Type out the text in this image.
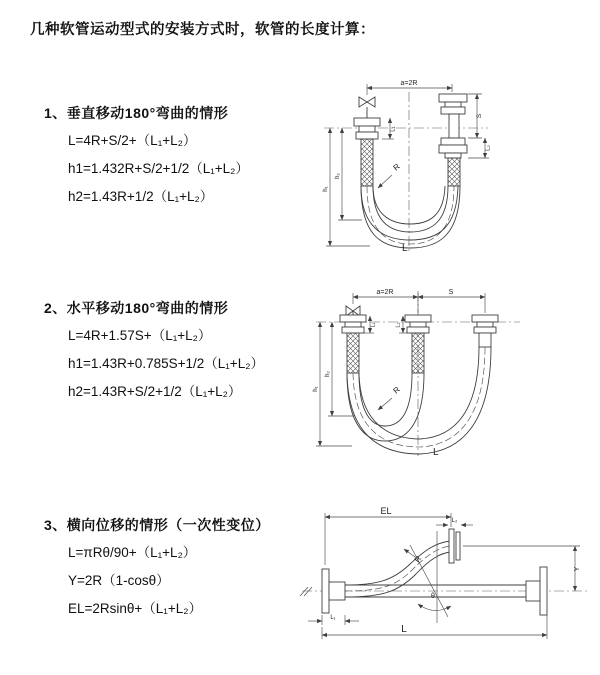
几种软管运动型式的安装方式时，软管的长度计算：
1、垂直移动180°弯曲的情形
L=4R+S/2+（L₁+L₂）
h1=1.432R+S/2+1/2（L₁+L₂）
h2=1.43R+1/2（L₁+L₂）
2、水平移动180°弯曲的情形
L=4R+1.57S+（L₁+L₂）
h1=1.43R+0.785S+1/2（L₁+L₂）
h2=1.43R+S/2+1/2（L₁+L₂）
3、横向位移的情形（一次性变位）
L=πRθ/90+（L₁+L₂）
Y=2R（1-cosθ）
EL=2Rsinθ+（L₁+L₂）
a=2R
S
L₂
h₁
h₂
L₁
R
L
a=2R	S
h₁
h₂
L₁	L₂
R
L
EL
L₂
Y
L₁
L
θ
R
